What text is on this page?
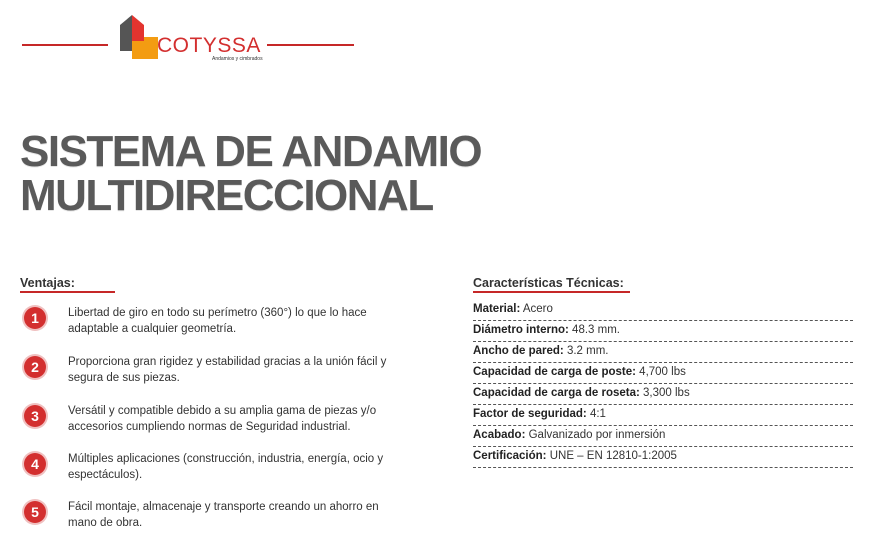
COTYSSA
Andamios y cimbrados
SISTEMA DE ANDAMIO
MULTIDIRECCIONAL
Ventajas:
1	Libertad de giro en todo su perímetro (360°) lo que lo hace adaptable a cualquier geometría.
2	Proporciona gran rigidez y estabilidad gracias a la unión fácil y segura de sus piezas.
3	Versátil y compatible debido a su amplia gama de piezas y/o accesorios cumpliendo normas de Seguridad industrial.
4	Múltiples aplicaciones (construcción, industria, energía, ocio y espectáculos).
5	Fácil montaje, almacenaje y transporte creando un ahorro en mano de obra.
Características Técnicas:
Material: Acero
Diámetro interno: 48.3 mm.
Ancho de pared: 3.2 mm.
Capacidad de carga de poste: 4,700 lbs
Capacidad de carga de roseta: 3,300 lbs
Factor de seguridad: 4:1
Acabado: Galvanizado por inmersión
Certificación: UNE – EN 12810-1:2005
